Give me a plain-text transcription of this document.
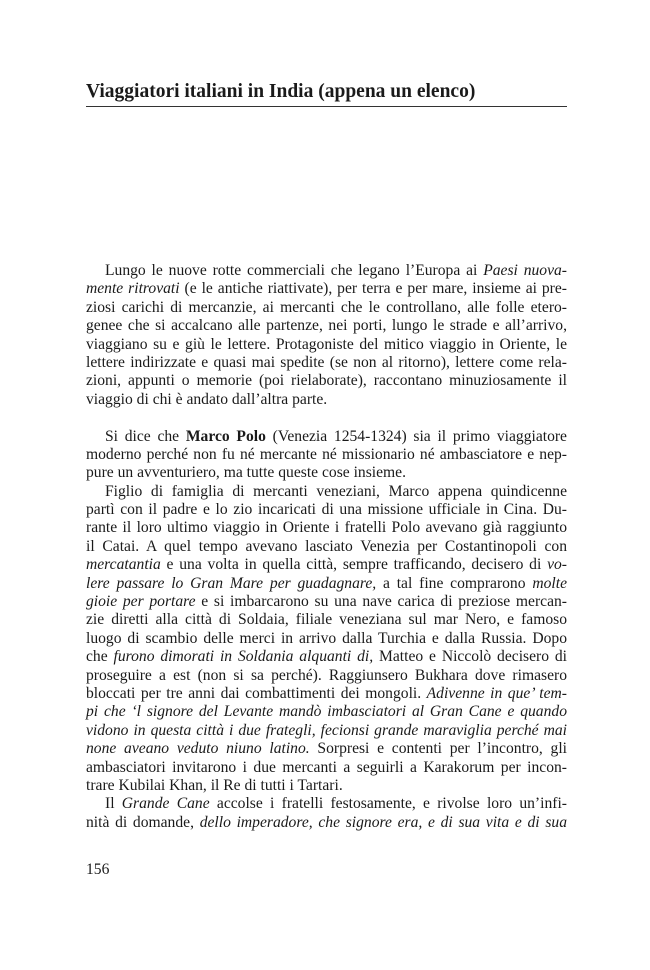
Viaggiatori italiani in India (appena un elenco)
Lungo le nuove rotte commerciali che legano l’Europa ai Paesi nuova-
mente ritrovati (e le antiche riattivate), per terra e per mare, insieme ai pre-
ziosi carichi di mercanzie, ai mercanti che le controllano, alle folle etero-
genee che si accalcano alle partenze, nei porti, lungo le strade e all’arrivo,
viaggiano su e giù le lettere. Protagoniste del mitico viaggio in Oriente, le
lettere indirizzate e quasi mai spedite (se non al ritorno), lettere come rela-
zioni, appunti o memorie (poi rielaborate), raccontano minuziosamente il
viaggio di chi è andato dall’altra parte.
Si dice che Marco Polo (Venezia 1254-1324) sia il primo viaggiatore
moderno perché non fu né mercante né missionario né ambasciatore e nep-
pure un avventuriero, ma tutte queste cose insieme.
Figlio di famiglia di mercanti veneziani, Marco appena quindicenne
partì con il padre e lo zio incaricati di una missione ufficiale in Cina. Du-
rante il loro ultimo viaggio in Oriente i fratelli Polo avevano già raggiunto
il Catai. A quel tempo avevano lasciato Venezia per Costantinopoli con
mercatantia e una volta in quella città, sempre trafficando, decisero di vo-
lere passare lo Gran Mare per guadagnare, a tal fine comprarono molte
gioie per portare e si imbarcarono su una nave carica di preziose mercan-
zie diretti alla città di Soldaia, filiale veneziana sul mar Nero, e famoso
luogo di scambio delle merci in arrivo dalla Turchia e dalla Russia. Dopo
che furono dimorati in Soldania alquanti di, Matteo e Niccolò decisero di
proseguire a est (non si sa perché). Raggiunsero Bukhara dove rimasero
bloccati per tre anni dai combattimenti dei mongoli. Adivenne in que’ tem-
pi che ‘l signore del Levante mandò imbasciatori al Gran Cane e quando
vidono in questa città i due frategli, fecionsi grande maraviglia perché mai
none aveano veduto niuno latino. Sorpresi e contenti per l’incontro, gli
ambasciatori invitarono i due mercanti a seguirli a Karakorum per incon-
trare Kubilai Khan, il Re di tutti i Tartari.
Il Grande Cane accolse i fratelli festosamente, e rivolse loro un’infi-
nità di domande, dello imperadore, che signore era, e di sua vita e di sua
156
